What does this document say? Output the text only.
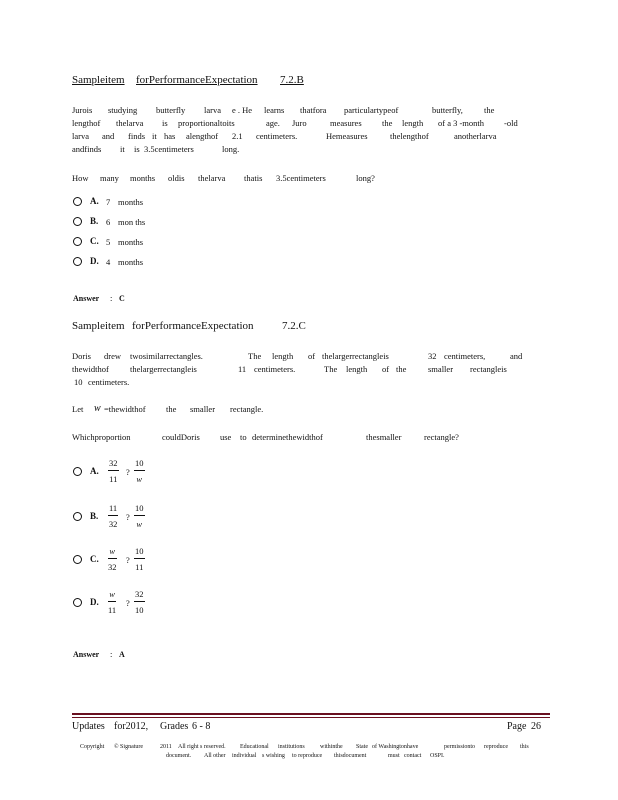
Sampleitem forPerformanceExpectation 7.2.B
Jurois studying butterfly larva e . He learns thatfora particulartypeof	butterfly, the
lengthof thelarva is proportionaltoits	age. Juro	measures the length of a 3 -month -old
larva and finds it has alengthof 2.1 centimeters.	Hemeasures	thelengthof	anotherlarva
andfinds it is 3.5centimeters	long.
How many months oldis thelarva thatis 3.5centimeters	long?
A. 7 months
B. 6 mon ths
C. 5 months
D. 4 months
Answer : C
Sampleitem forPerformanceExpectation	7.2.C
Doris drew twosimilarrectangles.	The length of thelargerrectangleis	32 centimeters,	and
thewidthof thelargerrectangleis	11 centimeters.	The length of the	smaller rectangleis
10 centimeters.
Let w =thewidthof the smaller rectangle.
Whichproportion	couldDoris use to determinethewidthof	thesmaller	rectangle?
A.
32
11
?
10
w
B.
11
32
?
10
w
C.
w
32
?
10
11
D.
w
11
?
32
10
Answer : A
Updates for2012, Grades 6 - 8	Page 26
Copyright © Signature	2011 All right s reserved. Educational institutions	withinthe State of Washingtonhave	permissionto reproduce this
document. All other individual s wishing to reproduce thisdocument	must contact OSPI.
